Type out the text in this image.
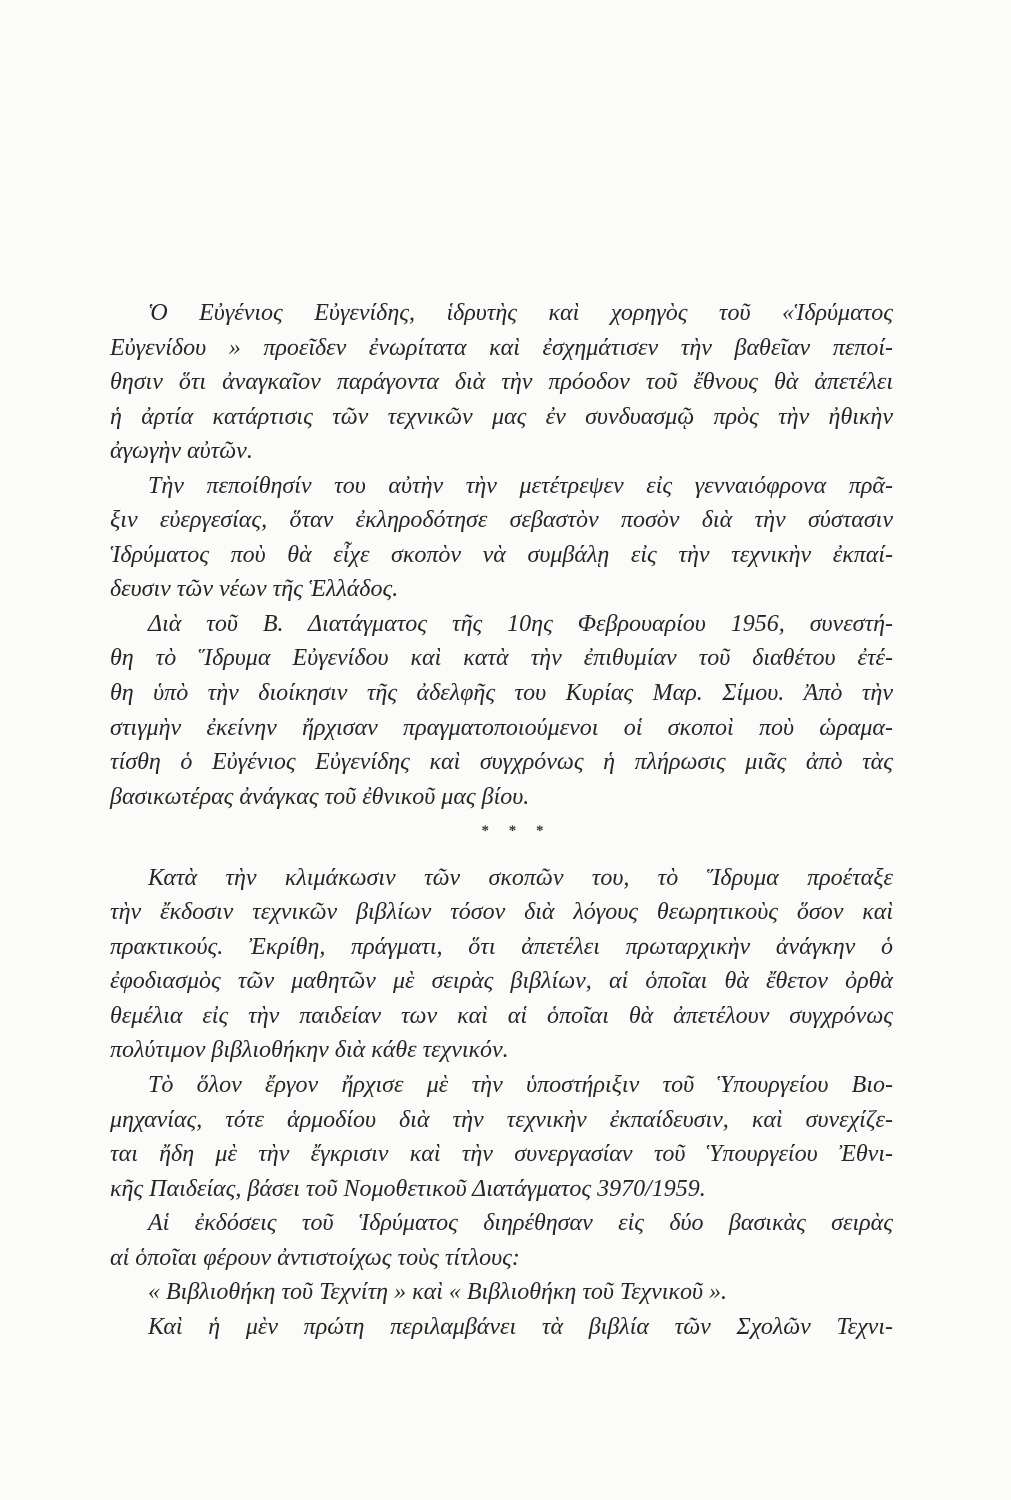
Ὁ Εὐγένιος Εὐγενίδης, ἱδρυτὴς καὶ χορηγὸς τοῦ «Ἱδρύματος
Εὐγενίδου » προεῖδεν ἐνωρίτατα καὶ ἐσχημάτισεν τὴν βαθεῖαν πεποί-
θησιν ὅτι ἀναγκαῖον παράγοντα διὰ τὴν πρόοδον τοῦ ἔθνους θὰ ἀπετέλει
ἡ ἀρτία κατάρτισις τῶν τεχνικῶν μας ἐν συνδυασμῷ πρὸς τὴν ἠθικὴν
ἀγωγὴν αὐτῶν.
Τὴν πεποίθησίν του αὐτὴν τὴν μετέτρεψεν εἰς γενναιόφρονα πρᾶ-
ξιν εὐεργεσίας, ὅταν ἐκληροδότησε σεβαστὸν ποσὸν διὰ τὴν σύστασιν
Ἱδρύματος ποὺ θὰ εἶχε σκοπὸν νὰ συμβάλῃ εἰς τὴν τεχνικὴν ἐκπαί-
δευσιν τῶν νέων τῆς Ἑλλάδος.
Διὰ τοῦ Β. Διατάγματος τῆς 10ης Φεβρουαρίου 1956, συνεστή-
θη τὸ Ἵδρυμα Εὐγενίδου καὶ κατὰ τὴν ἐπιθυμίαν τοῦ διαθέτου ἐτέ-
θη ὑπὸ τὴν διοίκησιν τῆς ἀδελφῆς του Κυρίας Μαρ. Σίμου. Ἀπὸ τὴν
στιγμὴν ἐκείνην ἤρχισαν πραγματοποιούμενοι οἱ σκοποὶ ποὺ ὡραμα-
τίσθη ὁ Εὐγένιος Εὐγενίδης καὶ συγχρόνως ἡ πλήρωσις μιᾶς ἀπὸ τὰς
βασικωτέρας ἀνάγκας τοῦ ἐθνικοῦ μας βίου.
* * *
Κατὰ τὴν κλιμάκωσιν τῶν σκοπῶν του, τὸ Ἵδρυμα προέταξε
τὴν ἔκδοσιν τεχνικῶν βιβλίων τόσον διὰ λόγους θεωρητικοὺς ὅσον καὶ
πρακτικούς. Ἐκρίθη, πράγματι, ὅτι ἀπετέλει πρωταρχικὴν ἀνάγκην ὁ
ἐφοδιασμὸς τῶν μαθητῶν μὲ σειρὰς βιβλίων, αἱ ὁποῖαι θὰ ἔθετον ὀρθὰ
θεμέλια εἰς τὴν παιδείαν των καὶ αἱ ὁποῖαι θὰ ἀπετέλουν συγχρόνως
πολύτιμον βιβλιοθήκην διὰ κάθε τεχνικόν.
Τὸ ὅλον ἔργον ἤρχισε μὲ τὴν ὑποστήριξιν τοῦ Ὑπουργείου Βιο-
μηχανίας, τότε ἁρμοδίου διὰ τὴν τεχνικὴν ἐκπαίδευσιν, καὶ συνεχίζε-
ται ἤδη μὲ τὴν ἔγκρισιν καὶ τὴν συνεργασίαν τοῦ Ὑπουργείου Ἐθνι-
κῆς Παιδείας, βάσει τοῦ Νομοθετικοῦ Διατάγματος 3970/1959.
Αἱ ἐκδόσεις τοῦ Ἱδρύματος διηρέθησαν εἰς δύο βασικὰς σειρὰς
αἱ ὁποῖαι φέρουν ἀντιστοίχως τοὺς τίτλους:
« Βιβλιοθήκη τοῦ Τεχνίτη » καὶ « Βιβλιοθήκη τοῦ Τεχνικοῦ ».
Καὶ ἡ μὲν πρώτη περιλαμβάνει τὰ βιβλία τῶν Σχολῶν Τεχνι-
